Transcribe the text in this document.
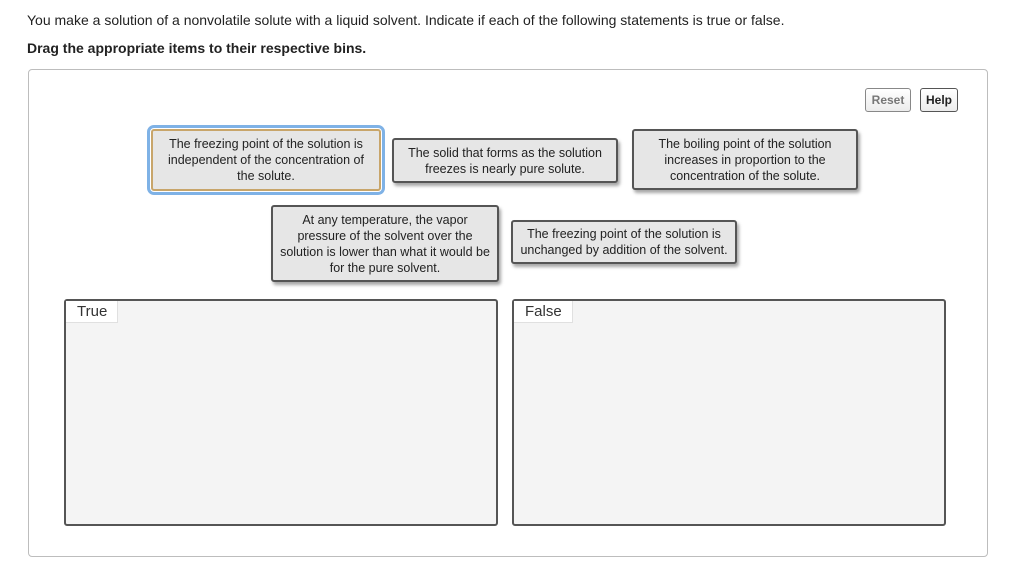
You make a solution of a nonvolatile solute with a liquid solvent. Indicate if each of the following statements is true or false.
Drag the appropriate items to their respective bins.
Reset	Help
The freezing point of the solution is independent of the concentration of the solute.
The solid that forms as the solution freezes is nearly pure solute.
The boiling point of the solution increases in proportion to the concentration of the solute.
At any temperature, the vapor pressure of the solvent over the solution is lower than what it would be for the pure solvent.
The freezing point of the solution is unchanged by addition of the solvent.
True	False
